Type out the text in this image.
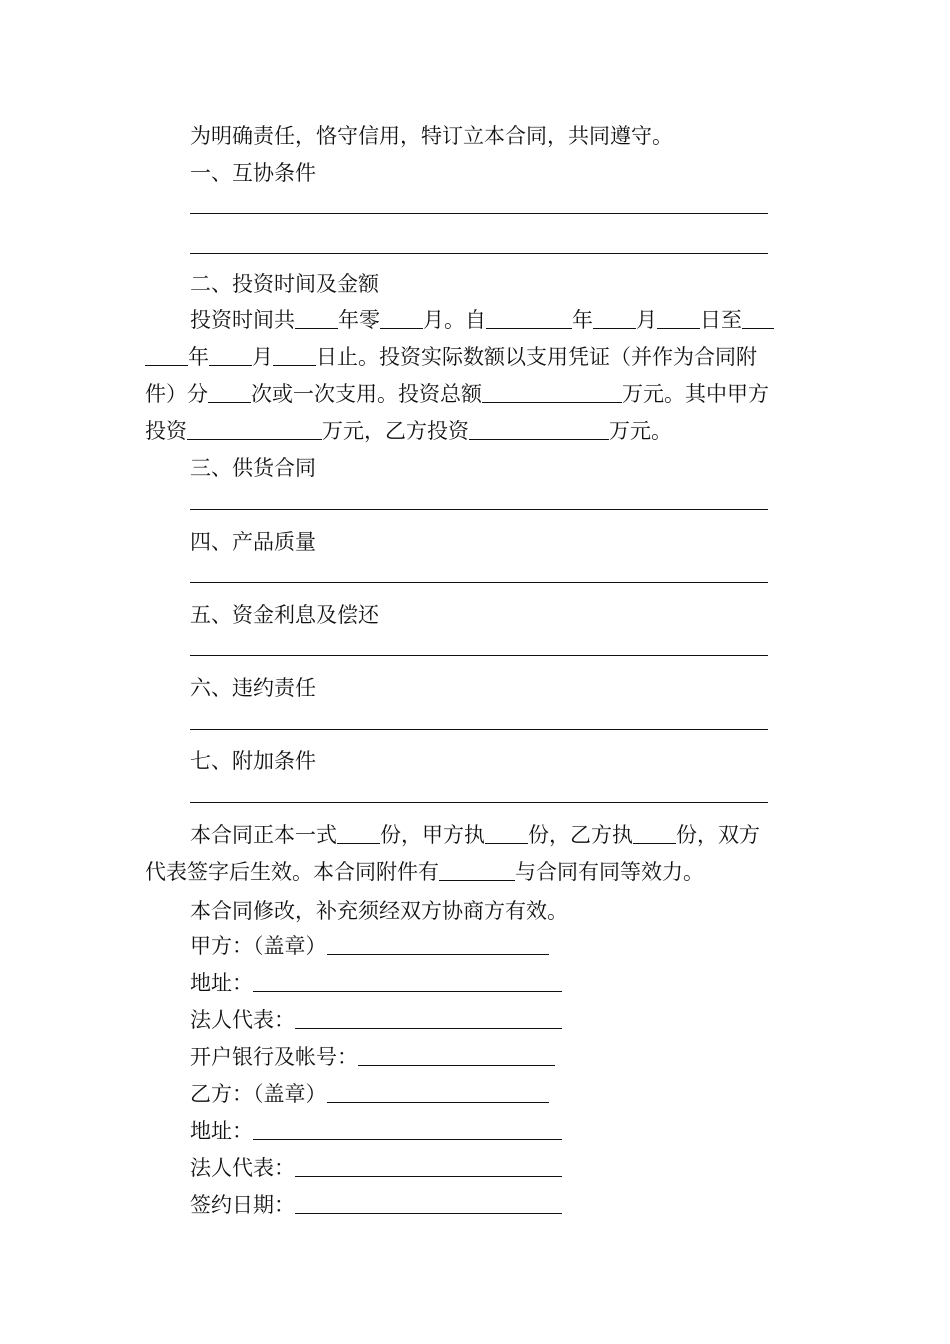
为明确责任，恪守信用，特订立本合同，共同遵守。
一、互协条件
二、投资时间及金额
投资时间共 年零 月。自	年 月 日至
年 月 日止。投资实际数额以支用凭证（并作为合同附
件）分 次或一次支用。投资总额	万元。其中甲方
投资	万元，乙方投资	万元。
三、供货合同
四、产品质量
五、资金利息及偿还
六、违约责任
七、附加条件
本合同正本一式 份，甲方执 份，乙方执 份，双方
代表签字后生效。本合同附件有	与合同有同等效力。
本合同修改，补充须经双方协商方有效。
甲方：（盖章）
地址：
法人代表：
开户银行及帐号：
乙方：（盖章）
地址：
法人代表：
签约日期：
